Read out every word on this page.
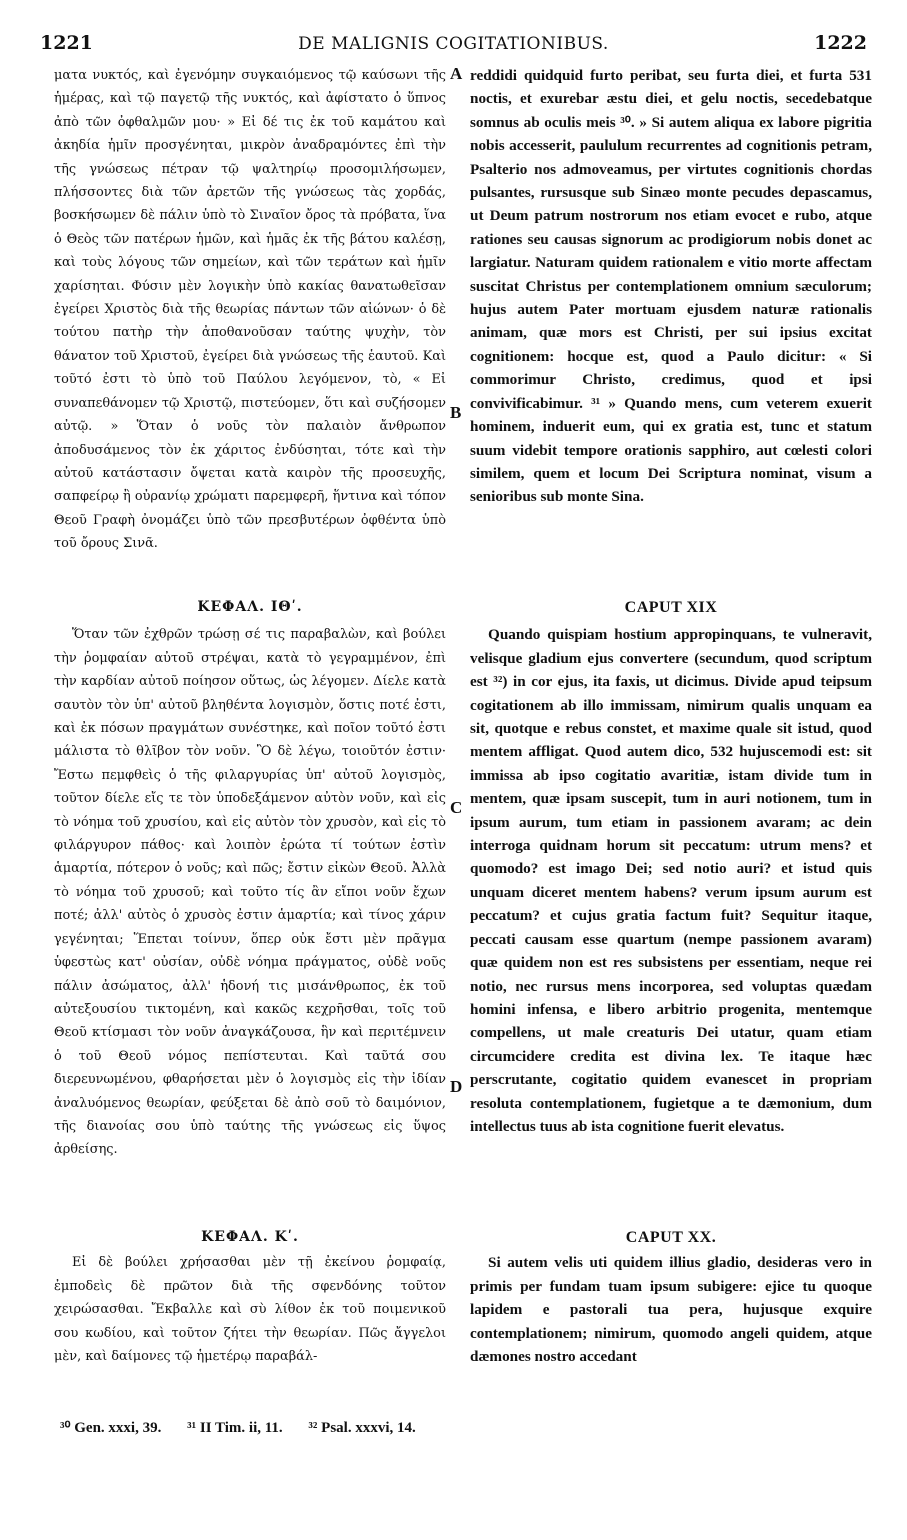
1221	DE MALIGNIS COGITATIONIBUS.	1222

ματα νυκτός, καὶ ἐγενόμην συγκαιόμενος τῷ καύσωνι τῆς ἡμέρας, καὶ τῷ παγετῷ τῆς νυκτός, καὶ ἀφίστατο ὁ ὕπνος ἀπὸ τῶν ὀφθαλμῶν μου· » Εἰ δέ τις ἐκ τοῦ καμάτου καὶ ἀκηδία ἡμῖν προσγένηται, μικρὸν ἀναδραμόντες ἐπὶ τὴν τῆς γνώσεως πέτραν τῷ ψαλτηρίῳ προσομιλήσωμεν, πλήσσοντες διὰ τῶν ἀρετῶν τῆς γνώσεως τὰς χορδάς, βοσκήσωμεν δὲ πάλιν ὑπὸ τὸ Σιναῖον ὄρος τὰ πρόβατα, ἵνα ὁ Θεὸς τῶν πατέρων ἡμῶν, καὶ ἡμᾶς ἐκ τῆς βάτου καλέσῃ, καὶ τοὺς λόγους τῶν σημείων, καὶ τῶν τεράτων καὶ ἡμῖν χαρίσηται. Φύσιν μὲν λογικὴν ὑπὸ κακίας θανατωθεῖσαν ἐγείρει Χριστὸς διὰ τῆς θεωρίας πάντων τῶν αἰώνων· ὁ δὲ τούτου πατὴρ τὴν ἀποθανοῦσαν ταύτης ψυχὴν, τὸν θάνατον τοῦ Χριστοῦ, ἐγείρει διὰ γνώσεως τῆς ἑαυτοῦ. Καὶ τοῦτό ἐστι τὸ ὑπὸ τοῦ Παύλου λεγόμενον, τὸ, « Εἰ συναπεθάνομεν τῷ Χριστῷ, πιστεύομεν, ὅτι καὶ συζήσομεν αὐτῷ. » Ὅταν ὁ νοῦς τὸν παλαιὸν ἄνθρωπον ἀποδυσάμενος τὸν ἐκ χάριτος ἐνδύσηται, τότε καὶ τὴν αὐτοῦ κατάστασιν ὄψεται κατὰ καιρὸν τῆς προσευχῆς, σαπφείρῳ ἢ οὐρανίῳ χρώματι παρεμφερῆ, ἥντινα καὶ τόπον Θεοῦ Γραφὴ ὀνομάζει ὑπὸ τῶν πρεσβυτέρων ὀφθέντα ὑπὸ τοῦ ὄρους Σινᾶ.

reddidi quidquid furto peribat, seu furta diei, et furta 531 noctis, et exurebar æstu diei, et gelu noctis, secedebatque somnus ab oculis meis ³⁰. » Si autem aliqua ex labore pigritia nobis accesserit, paululum recurrentes ad cognitionis petram, Psalterio nos admoveamus, per virtutes cognitionis chordas pulsantes, rursusque sub Sinæo monte pecudes depascamus, ut Deum patrum nostrorum nos etiam evocet e rubo, atque rationes seu causas signorum ac prodigiorum nobis donet ac largiatur. Naturam quidem rationalem e vitio morte affectam suscitat Christus per contemplationem omnium sæculorum; hujus autem Pater mortuam ejusdem naturæ rationalis animam, quæ mors est Christi, per sui ipsius excitat cognitionem: hocque est, quod a Paulo dicitur: « Si commorimur Christo, credimus, quod et ipsi convivificabimur. ³¹ » Quando mens, cum veterem exuerit hominem, induerit eum, qui ex gratia est, tunc et statum suum videbit tempore orationis sapphiro, aut cœlesti colori similem, quem et locum Dei Scriptura nominat, visum a senioribus sub monte Sina.

A
B
C
D

ΚΕΦΑΛ. ΙΘʹ.

Ὅταν τῶν ἐχθρῶν τρώσῃ σέ τις παραβαλὼν, καὶ βούλει τὴν ῥομφαίαν αὐτοῦ στρέψαι, κατὰ τὸ γεγραμμένον, ἐπὶ τὴν καρδίαν αὐτοῦ ποίησον οὕτως, ὡς λέγομεν. Δίελε κατὰ σαυτὸν τὸν ὑπ' αὐτοῦ βληθέντα λογισμὸν, ὅστις ποτέ ἐστι, καὶ ἐκ πόσων πραγμάτων συνέστηκε, καὶ ποῖον τοῦτό ἐστι μάλιστα τὸ θλῖβον τὸν νοῦν. Ὃ δὲ λέγω, τοιοῦτόν ἐστιν· Ἔστω πεμφθεὶς ὁ τῆς φιλαργυρίας ὑπ' αὐτοῦ λογισμὸς, τοῦτον δίελε εἴς τε τὸν ὑποδεξάμενον αὐτὸν νοῦν, καὶ εἰς τὸ νόημα τοῦ χρυσίου, καὶ εἰς αὐτὸν τὸν χρυσὸν, καὶ εἰς τὸ φιλάργυρον πάθος· καὶ λοιπὸν ἐρώτα τί τούτων ἐστὶν ἁμαρτία, πότερον ὁ νοῦς; καὶ πῶς; ἔστιν εἰκὼν Θεοῦ. Ἀλλὰ τὸ νόημα τοῦ χρυσοῦ; καὶ τοῦτο τίς ἂν εἴποι νοῦν ἔχων ποτέ; ἀλλ' αὐτὸς ὁ χρυσὸς ἐστιν ἁμαρτία; καὶ τίνος χάριν γεγένηται; Ἕπεται τοίνυν, ὅπερ οὐκ ἔστι μὲν πρᾶγμα ὑφεστὼς κατ' οὐσίαν, οὐδὲ νόημα πράγματος, οὐδὲ νοῦς πάλιν ἀσώματος, ἀλλ' ἡδονή τις μισάνθρωπος, ἐκ τοῦ αὐτεξουσίου τικτομένη, καὶ κακῶς κεχρῆσθαι, τοῖς τοῦ Θεοῦ κτίσμασι τὸν νοῦν ἀναγκάζουσα, ἣν καὶ περιτέμνειν ὁ τοῦ Θεοῦ νόμος πεπίστευται. Καὶ ταῦτά σου διερευνωμένου, φθαρήσεται μὲν ὁ λογισμὸς εἰς τὴν ἰδίαν ἀναλυόμενος θεωρίαν, φεύξεται δὲ ἀπὸ σοῦ τὸ δαιμόνιον, τῆς διανοίας σου ὑπὸ ταύτης τῆς γνώσεως εἰς ὕψος ἀρθείσης.

CAPUT XIX

Quando quispiam hostium appropinquans, te vulneravit, velisque gladium ejus convertere (secundum, quod scriptum est ³²) in cor ejus, ita faxis, ut dicimus. Divide apud teipsum cogitationem ab illo immissam, nimirum qualis unquam ea sit, quotque e rebus constet, et maxime quale sit istud, quod mentem affligat. Quod autem dico, 532 hujuscemodi est: sit immissa ab ipso cogitatio avaritiæ, istam divide tum in mentem, quæ ipsam suscepit, tum in auri notionem, tum in ipsum aurum, tum etiam in passionem avaram; ac dein interroga quidnam horum sit peccatum: utrum mens? et quomodo? est imago Dei; sed notio auri? et istud quis unquam diceret mentem habens? verum ipsum aurum est peccatum? et cujus gratia factum fuit? Sequitur itaque, peccati causam esse quartum (nempe passionem avaram) quæ quidem non est res subsistens per essentiam, neque rei notio, nec rursus mens incorporea, sed voluptas quædam homini infensa, e libero arbitrio progenita, mentemque compellens, ut male creaturis Dei utatur, quam etiam circumcidere credita est divina lex. Te itaque hæc perscrutante, cogitatio quidem evanescet in propriam resoluta contemplationem, fugietque a te dæmonium, dum intellectus tuus ab ista cognitione fuerit elevatus.

ΚΕΦΑΛ. Κʹ.

Εἰ δὲ βούλει χρήσασθαι μὲν τῇ ἐκείνου ῥομφαίᾳ, ἐμποδεὶς δὲ πρῶτον διὰ τῆς σφενδόνης τοῦτον χειρώσασθαι. Ἔκβαλλε καὶ σὺ λίθον ἐκ τοῦ ποιμενικοῦ σου κωδίου, καὶ τοῦτον ζήτει τὴν θεωρίαν. Πῶς ἄγγελοι μὲν, καὶ δαίμονες τῷ ἡμετέρῳ παραβάλ-

CAPUT XX.

Si autem velis uti quidem illius gladio, desideras vero in primis per fundam tuam ipsum subigere: ejice tu quoque lapidem e pastorali tua pera, hujusque exquire contemplationem; nimirum, quomodo angeli quidem, atque dæmones nostro accedant

³⁰ Gen. xxxi, 39. ³¹ II Tim. ii, 11. ³² Psal. xxxvi, 14.
